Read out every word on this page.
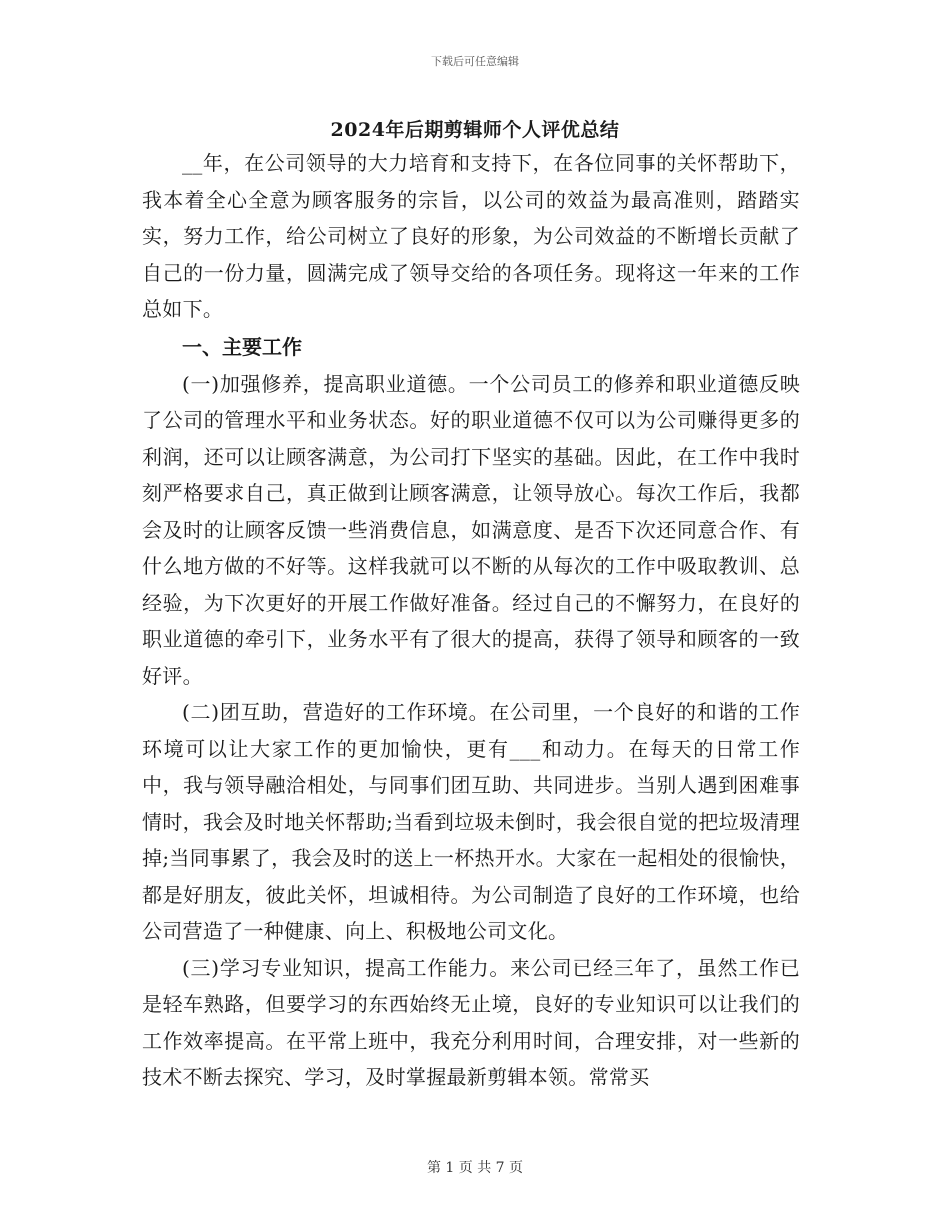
下载后可任意编辑
2024年后期剪辑师个人评优总结

__年，在公司领导的大力培育和支持下，在各位同事的关怀帮助下，我本着全心全意为顾客服务的宗旨，以公司的效益为最高准则，踏踏实实，努力工作，给公司树立了良好的形象，为公司效益的不断增长贡献了自己的一份力量，圆满完成了领导交给的各项任务。现将这一年来的工作总如下。

一、主要工作

(一)加强修养，提高职业道德。一个公司员工的修养和职业道德反映了公司的管理水平和业务状态。好的职业道德不仅可以为公司赚得更多的利润，还可以让顾客满意，为公司打下坚实的基础。因此，在工作中我时刻严格要求自己，真正做到让顾客满意，让领导放心。每次工作后，我都会及时的让顾客反馈一些消费信息，如满意度、是否下次还同意合作、有什么地方做的不好等。这样我就可以不断的从每次的工作中吸取教训、总经验，为下次更好的开展工作做好准备。经过自己的不懈努力，在良好的职业道德的牵引下，业务水平有了很大的提高，获得了领导和顾客的一致好评。

(二)团互助，营造好的工作环境。在公司里，一个良好的和谐的工作环境可以让大家工作的更加愉快，更有___和动力。在每天的日常工作中，我与领导融洽相处，与同事们团互助、共同进步。当别人遇到困难事情时，我会及时地关怀帮助;当看到垃圾未倒时，我会很自觉的把垃圾清理掉;当同事累了，我会及时的送上一杯热开水。大家在一起相处的很愉快，都是好朋友，彼此关怀，坦诚相待。为公司制造了良好的工作环境，也给公司营造了一种健康、向上、积极地公司文化。

(三)学习专业知识，提高工作能力。来公司已经三年了，虽然工作已是轻车熟路，但要学习的东西始终无止境，良好的专业知识可以让我们的工作效率提高。在平常上班中，我充分利用时间，合理安排，对一些新的技术不断去探究、学习，及时掌握最新剪辑本领。常常买

第 1 页 共 7 页
